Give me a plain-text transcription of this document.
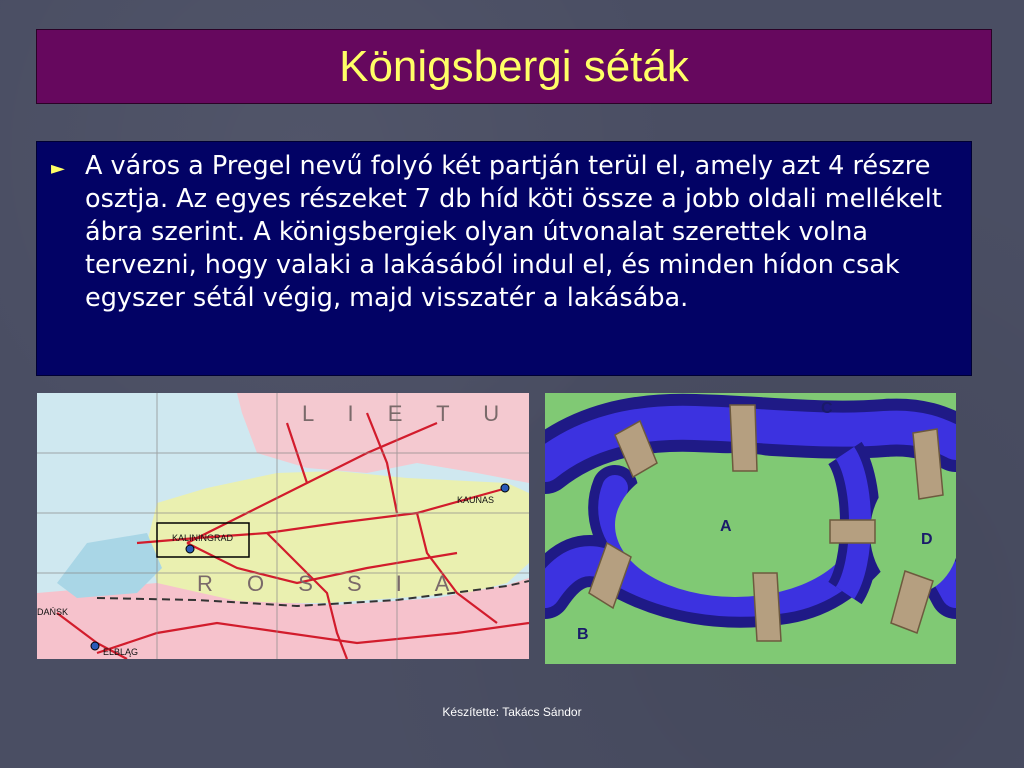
Königsbergi séták
► A város a Pregel nevű folyó két partján terül el, amely azt 4 részre osztja. Az egyes részeket 7 db híd köti össze a jobb oldali mellékelt ábra szerint. A königsbergiek olyan útvonalat szerettek volna tervezni, hogy valaki a lakásából indul el, és minden hídon csak egyszer sétál végig, majd visszatér a lakásába.
KALININGRAD
KAUNAS
DAŃSK
ELBLĄG
L I E T U
R O S S I A
C
A
D
B
Készítette: Takács Sándor
